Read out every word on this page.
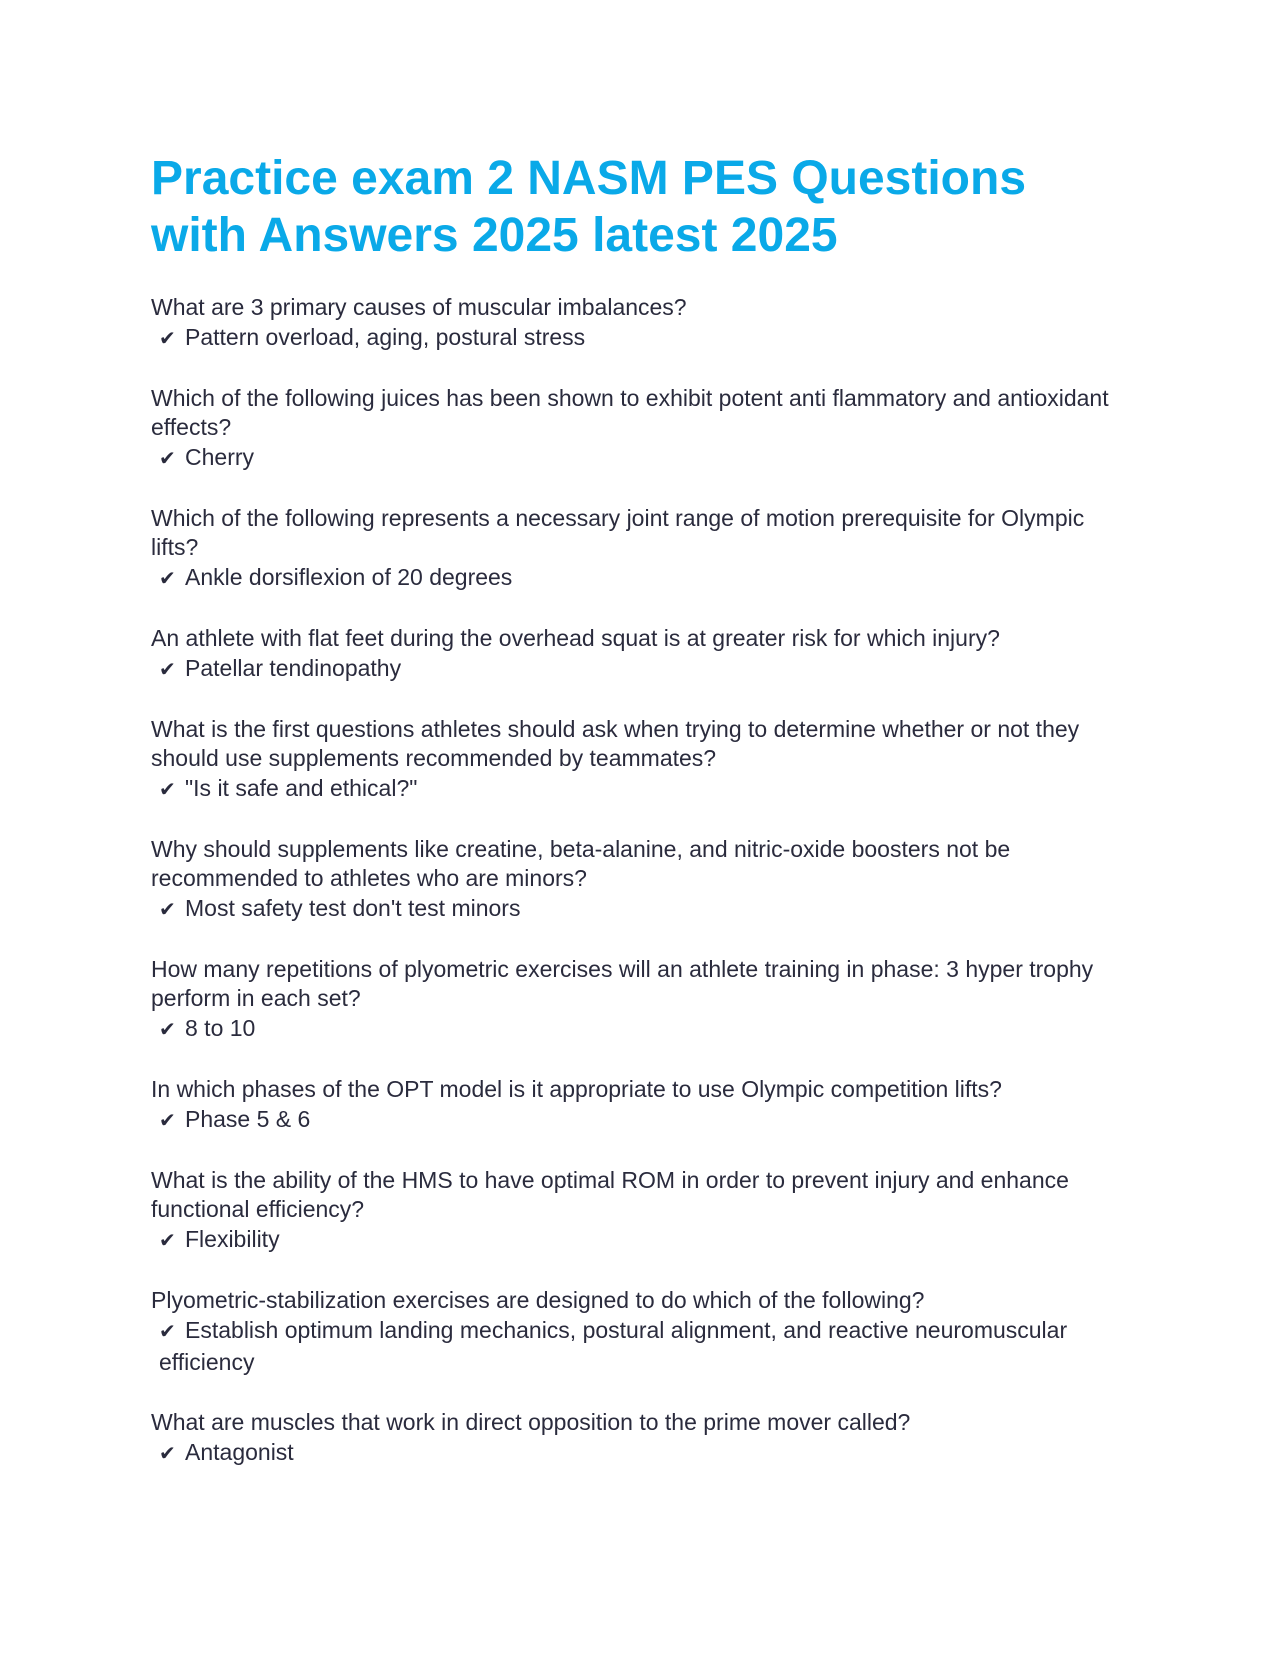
Practice exam 2 NASM PES Questions with Answers 2025 latest 2025
What are 3 primary causes of muscular imbalances?
✔ Pattern overload, aging, postural stress
Which of the following juices has been shown to exhibit potent anti flammatory and antioxidant effects?
✔ Cherry
Which of the following represents a necessary joint range of motion prerequisite for Olympic lifts?
✔ Ankle dorsiflexion of 20 degrees
An athlete with flat feet during the overhead squat is at greater risk for which injury?
✔ Patellar tendinopathy
What is the first questions athletes should ask when trying to determine whether or not they should use supplements recommended by teammates?
✔ "Is it safe and ethical?"
Why should supplements like creatine, beta-alanine, and nitric-oxide boosters not be recommended to athletes who are minors?
✔ Most safety test don't test minors
How many repetitions of plyometric exercises will an athlete training in phase: 3 hyper trophy perform in each set?
✔ 8 to 10
In which phases of the OPT model is it appropriate to use Olympic competition lifts?
✔ Phase 5 & 6
What is the ability of the HMS to have optimal ROM in order to prevent injury and enhance functional efficiency?
✔ Flexibility
Plyometric-stabilization exercises are designed to do which of the following?
✔ Establish optimum landing mechanics, postural alignment, and reactive neuromuscular efficiency
What are muscles that work in direct opposition to the prime mover called?
✔ Antagonist
